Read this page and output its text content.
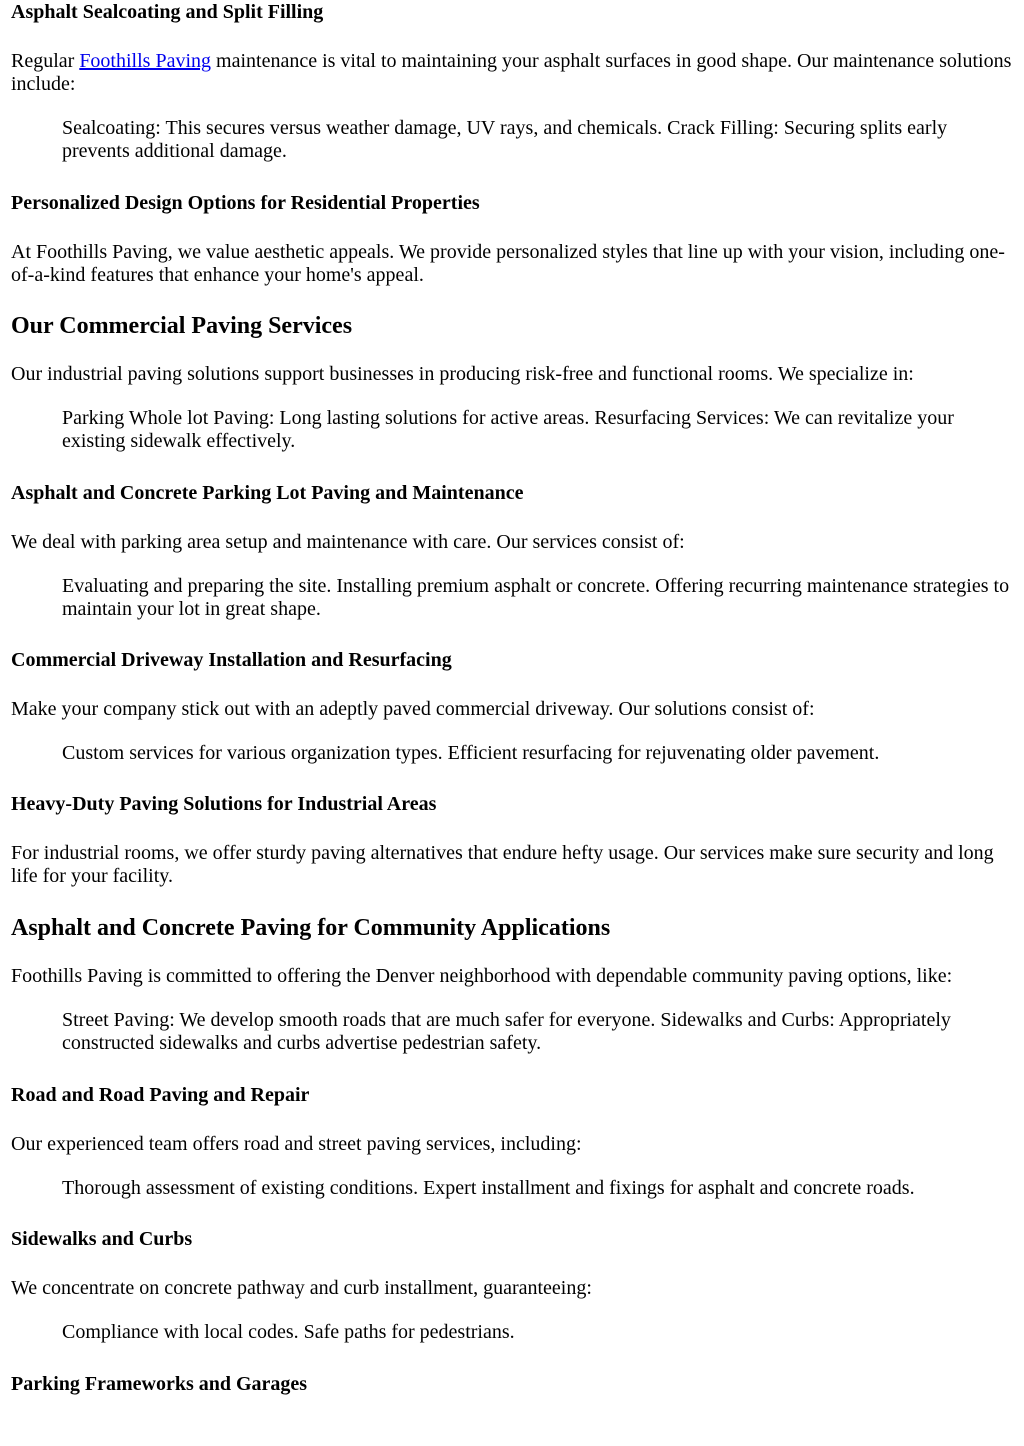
Asphalt Sealcoating and Split Filling

Regular Foothills Paving maintenance is vital to maintaining your asphalt surfaces in good shape. Our maintenance solutions include:

Sealcoating: This secures versus weather damage, UV rays, and chemicals. Crack Filling: Securing splits early prevents additional damage.
Personalized Design Options for Residential Properties

At Foothills Paving, we value aesthetic appeals. We provide personalized styles that line up with your vision, including one-of-a-kind features that enhance your home's appeal.

Our Commercial Paving Services

Our industrial paving solutions support businesses in producing risk-free and functional rooms. We specialize in:

Parking Whole lot Paving: Long lasting solutions for active areas. Resurfacing Services: We can revitalize your existing sidewalk effectively.
Asphalt and Concrete Parking Lot Paving and Maintenance

We deal with parking area setup and maintenance with care. Our services consist of:

Evaluating and preparing the site. Installing premium asphalt or concrete. Offering recurring maintenance strategies to maintain your lot in great shape.
Commercial Driveway Installation and Resurfacing

Make your company stick out with an adeptly paved commercial driveway. Our solutions consist of:

Custom services for various organization types. Efficient resurfacing for rejuvenating older pavement.
Heavy-Duty Paving Solutions for Industrial Areas

For industrial rooms, we offer sturdy paving alternatives that endure hefty usage. Our services make sure security and long life for your facility.

Asphalt and Concrete Paving for Community Applications

Foothills Paving is committed to offering the Denver neighborhood with dependable community paving options, like:

Street Paving: We develop smooth roads that are much safer for everyone. Sidewalks and Curbs: Appropriately constructed sidewalks and curbs advertise pedestrian safety.
Road and Road Paving and Repair

Our experienced team offers road and street paving services, including:

Thorough assessment of existing conditions. Expert installment and fixings for asphalt and concrete roads.
Sidewalks and Curbs

We concentrate on concrete pathway and curb installment, guaranteeing:

Compliance with local codes. Safe paths for pedestrians.
Parking Frameworks and Garages
